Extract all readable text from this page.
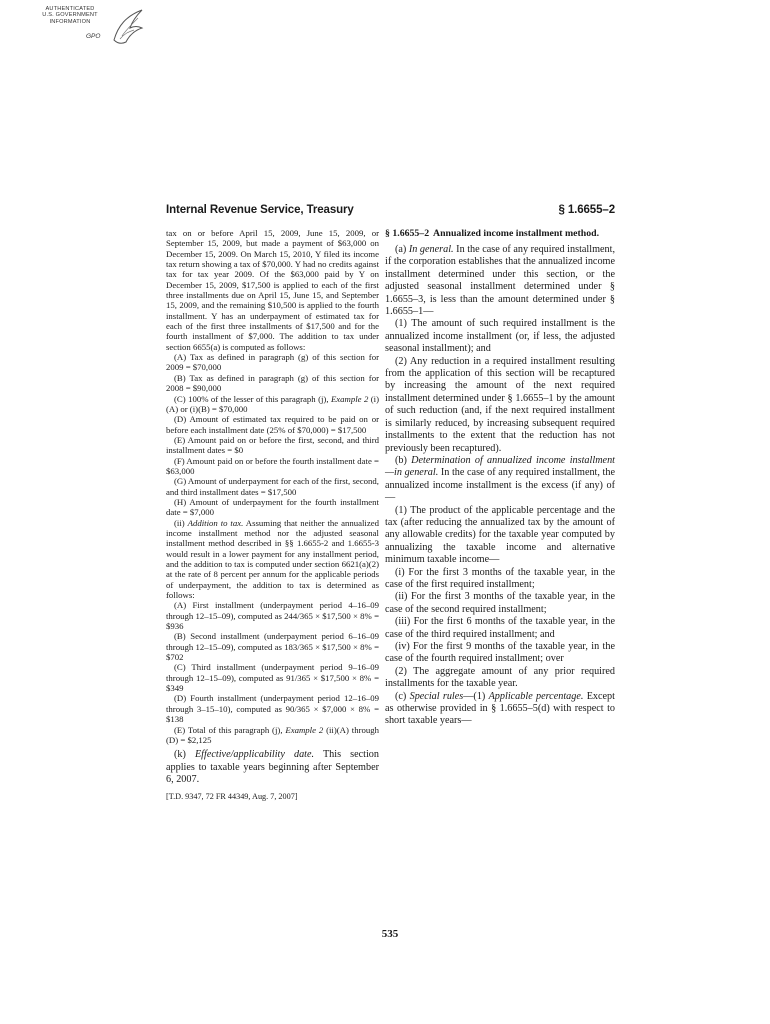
AUTHENTICATED
U.S. GOVERNMENT
INFORMATION
GPO
Internal Revenue Service, Treasury	§ 1.6655–2

tax on or before April 15, 2009, June 15, 2009, or September 15, 2009, but made a payment of $63,000 on December 15, 2009. On March 15, 2010, Y filed its income tax return showing a tax of $70,000. Y had no credits against tax for tax year 2009. Of the $63,000 paid by Y on December 15, 2009, $17,500 is applied to each of the first three installments due on April 15, June 15, and September 15, 2009, and the remaining $10,500 is applied to the fourth installment. Y has an underpayment of estimated tax for each of the first three installments of $17,500 and for the fourth installment of $7,000. The addition to tax under section 6655(a) is computed as follows:

(A) Tax as defined in paragraph (g) of this section for 2009 = $70,000

(B) Tax as defined in paragraph (g) of this section for 2008 = $90,000

(C) 100% of the lesser of this paragraph (j), Example 2 (i)(A) or (i)(B) = $70,000

(D) Amount of estimated tax required to be paid on or before each installment date (25% of $70,000) = $17,500

(E) Amount paid on or before the first, second, and third installment dates = $0

(F) Amount paid on or before the fourth installment date = $63,000

(G) Amount of underpayment for each of the first, second, and third installment dates = $17,500

(H) Amount of underpayment for the fourth installment date = $7,000

(ii) Addition to tax. Assuming that neither the annualized income installment method nor the adjusted seasonal installment method described in §§ 1.6655-2 and 1.6655-3 would result in a lower payment for any installment period, and the addition to tax is computed under section 6621(a)(2) at the rate of 8 percent per annum for the applicable periods of underpayment, the addition to tax is determined as follows:

(A) First installment (underpayment period 4–16–09 through 12–15–09), computed as 244/365 × $17,500 × 8% = $936

(B) Second installment (underpayment period 6–16–09 through 12–15–09), computed as 183/365 × $17,500 × 8% = $702

(C) Third installment (underpayment period 9–16–09 through 12–15–09), computed as 91/365 × $17,500 × 8% = $349

(D) Fourth installment (underpayment period 12–16–09 through 3–15–10), computed as 90/365 × $7,000 × 8% = $138

(E) Total of this paragraph (j), Example 2 (ii)(A) through (D) = $2,125

(k) Effective/applicability date. This section applies to taxable years beginning after September 6, 2007.

[T.D. 9347, 72 FR 44349, Aug. 7, 2007]

§ 1.6655–2 Annualized income installment method.

(a) In general. In the case of any required installment, if the corporation establishes that the annualized income installment determined under this section, or the adjusted seasonal installment determined under § 1.6655–3, is less than the amount determined under § 1.6655–1—

(1) The amount of such required installment is the annualized income installment (or, if less, the adjusted seasonal installment); and

(2) Any reduction in a required installment resulting from the application of this section will be recaptured by increasing the amount of the next required installment determined under § 1.6655–1 by the amount of such reduction (and, if the next required installment is similarly reduced, by increasing subsequent required installments to the extent that the reduction has not previously been recaptured).

(b) Determination of annualized income installment—in general. In the case of any required installment, the annualized income installment is the excess (if any) of—

(1) The product of the applicable percentage and the tax (after reducing the annualized tax by the amount of any allowable credits) for the taxable year computed by annualizing the taxable income and alternative minimum taxable income—

(i) For the first 3 months of the taxable year, in the case of the first required installment;

(ii) For the first 3 months of the taxable year, in the case of the second required installment;

(iii) For the first 6 months of the taxable year, in the case of the third required installment; and

(iv) For the first 9 months of the taxable year, in the case of the fourth required installment; over

(2) The aggregate amount of any prior required installments for the taxable year.

(c) Special rules—(1) Applicable percentage. Except as otherwise provided in § 1.6655–5(d) with respect to short taxable years—

535
